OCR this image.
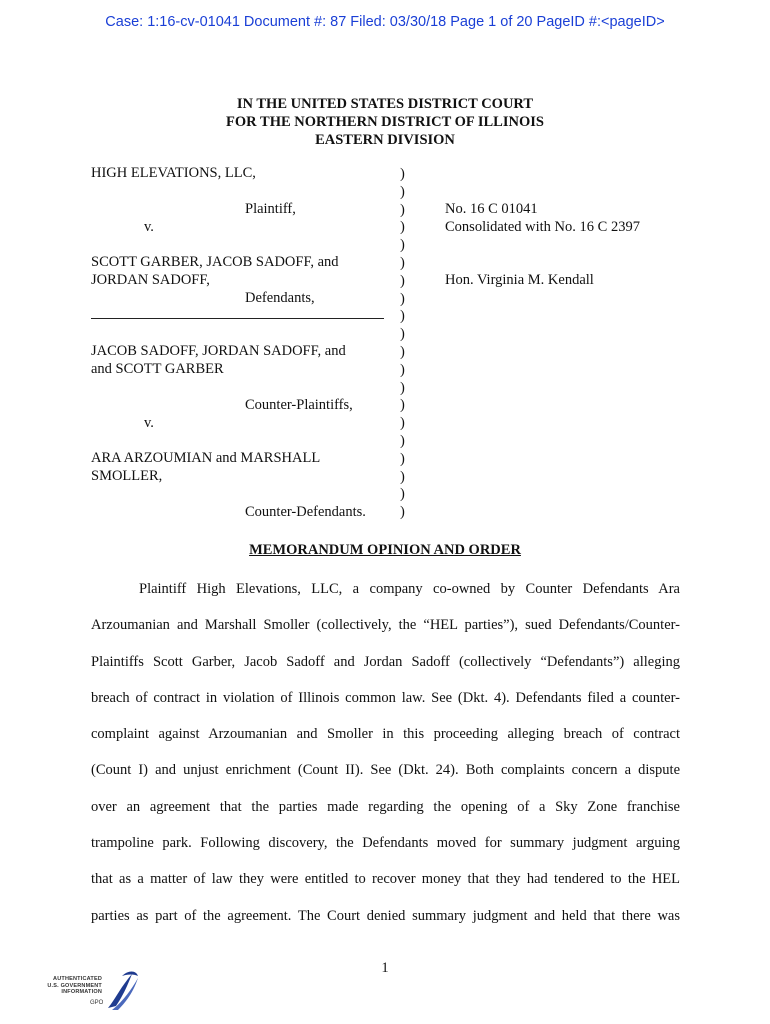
Case: 1:16-cv-01041 Document #: 87 Filed: 03/30/18 Page 1 of 20 PageID #:<pageID>
IN THE UNITED STATES DISTRICT COURT
FOR THE NORTHERN DISTRICT OF ILLINOIS
EASTERN DIVISION
HIGH ELEVATIONS, LLC,
Plaintiff,
v.
SCOTT GARBER, JACOB SADOFF, and
JORDAN SADOFF,
Defendants,
JACOB SADOFF, JORDAN SADOFF, and
and SCOTT GARBER
Counter-Plaintiffs,
v.
ARA ARZOUMIAN and MARSHALL
SMOLLER,
Counter-Defendants.
)
)
)
)
)
)
)
)
)
)
)
)
)
)
)
)
)
)
)
)
No. 16 C 01041
Consolidated with No. 16 C 2397
Hon. Virginia M. Kendall
MEMORANDUM OPINION AND ORDER
Plaintiff High Elevations, LLC, a company co-owned by Counter Defendants Ara
Arzoumanian and Marshall Smoller (collectively, the “HEL parties”), sued Defendants/Counter-
Plaintiffs Scott Garber, Jacob Sadoff and Jordan Sadoff (collectively “Defendants”) alleging
breach of contract in violation of Illinois common law. See (Dkt. 4). Defendants filed a counter-
complaint against Arzoumanian and Smoller in this proceeding alleging breach of contract
(Count I) and unjust enrichment (Count II). See (Dkt. 24). Both complaints concern a dispute
over an agreement that the parties made regarding the opening of a Sky Zone franchise
trampoline park. Following discovery, the Defendants moved for summary judgment arguing
that as a matter of law they were entitled to recover money that they had tendered to the HEL
parties as part of the agreement. The Court denied summary judgment and held that there was
1
AUTHENTICATED
U.S. GOVERNMENT
INFORMATION
GPO
